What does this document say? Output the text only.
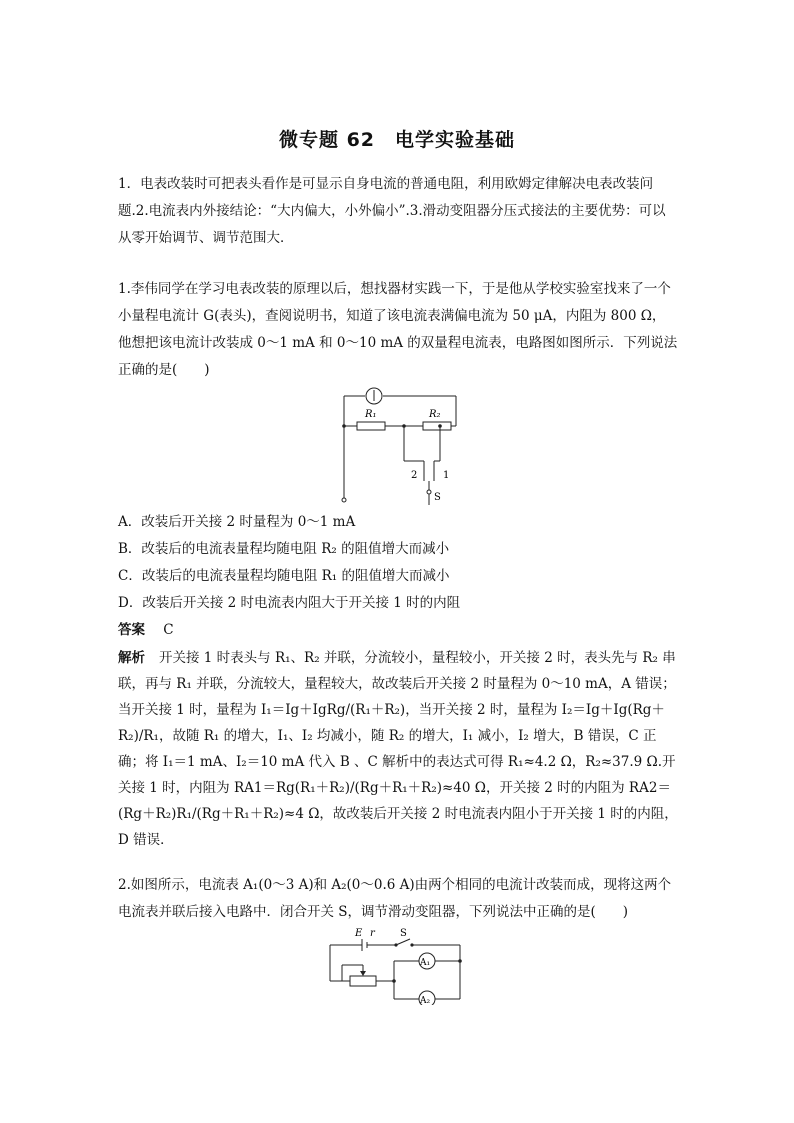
微专题 62　电学实验基础

1．电表改装时可把表头看作是可显示自身电流的普通电阻，利用欧姆定律解决电表改装问题.2.电流表内外接结论：“大内偏大，小外偏小”.3.滑动变阻器分压式接法的主要优势：可以从零开始调节、调节范围大．

1.李伟同学在学习电表改装的原理以后，想找器材实践一下，于是他从学校实验室找来了一个小量程电流计 G(表头)，查阅说明书，知道了该电流表满偏电流为 50 μA，内阻为 800 Ω，他想把该电流计改装成 0～1 mA 和 0～10 mA 的双量程电流表，电路图如图所示．下列说法正确的是(　　)

R₁	R₂
2	1
S
A．改装后开关接 2 时量程为 0～1 mA
B．改装后的电流表量程均随电阻 R₂ 的阻值增大而减小
C．改装后的电流表量程均随电阻 R₁ 的阻值增大而减小
D．改装后开关接 2 时电流表内阻大于开关接 1 时的内阻
答案 C

解析 开关接 1 时表头与 R₁、R₂ 并联，分流较小，量程较小，开关接 2 时，表头先与 R₂ 串联，再与 R₁ 并联，分流较大，量程较大，故改装后开关接 2 时量程为 0～10 mA，A 错误；当开关接 1 时，量程为 I₁＝Ig＋IgRg/(R₁＋R₂)，当开关接 2 时，量程为 I₂＝Ig＋Ig(Rg＋R₂)/R₁，故随 R₁ 的增大，I₁、I₂ 均减小，随 R₂ 的增大，I₁ 减小，I₂ 增大，B 错误，C 正确；将 I₁＝1 mA、I₂＝10 mA 代入 B 、C 解析中的表达式可得 R₁≈4.2 Ω，R₂≈37.9 Ω.开关接 1 时，内阻为 RA1＝Rg(R₁＋R₂)/(Rg＋R₁＋R₂)≈40 Ω，开关接 2 时的内阻为 RA2＝(Rg＋R₂)R₁/(Rg＋R₁＋R₂)≈4 Ω，故改装后开关接 2 时电流表内阻小于开关接 1 时的内阻，D 错误．

2.如图所示，电流表 A₁(0～3 A)和 A₂(0～0.6 A)由两个相同的电流计改装而成，现将这两个电流表并联后接入电路中．闭合开关 S，调节滑动变阻器，下列说法中正确的是(　　)

A₁
A₂
E r	S
